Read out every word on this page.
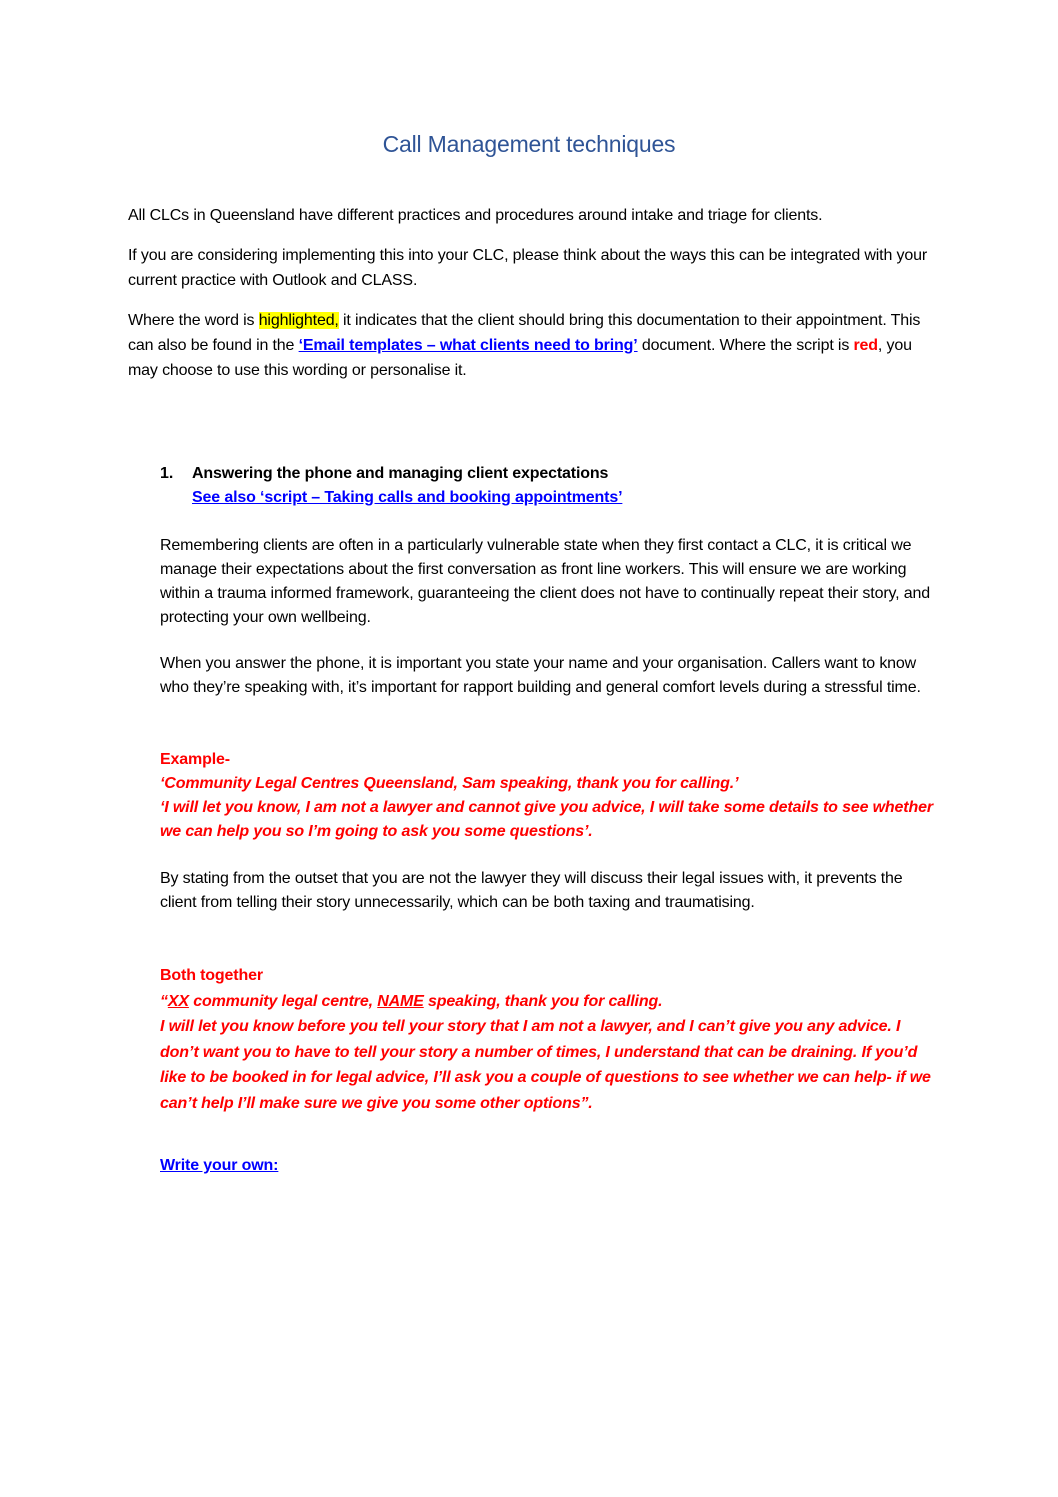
Call Management techniques

All CLCs in Queensland have different practices and procedures around intake and triage for clients.

If you are considering implementing this into your CLC, please think about the ways this can be integrated with your current practice with Outlook and CLASS.

Where the word is highlighted, it indicates that the client should bring this documentation to their appointment. This can also be found in the ‘Email templates – what clients need to bring’ document. Where the script is red, you may choose to use this wording or personalise it.

1. Answering the phone and managing client expectations
See also ‘script – Taking calls and booking appointments’

Remembering clients are often in a particularly vulnerable state when they first contact a CLC, it is critical we manage their expectations about the first conversation as front line workers. This will ensure we are working within a trauma informed framework, guaranteeing the client does not have to continually repeat their story, and protecting your own wellbeing.

When you answer the phone, it is important you state your name and your organisation. Callers want to know who they’re speaking with, it’s important for rapport building and general comfort levels during a stressful time.

Example-
‘Community Legal Centres Queensland, Sam speaking, thank you for calling.’
‘I will let you know, I am not a lawyer and cannot give you advice, I will take some details to see whether we can help you so I’m going to ask you some questions’.

By stating from the outset that you are not the lawyer they will discuss their legal issues with, it prevents the client from telling their story unnecessarily, which can be both taxing and traumatising.

Both together
“XX community legal centre, NAME speaking, thank you for calling.
I will let you know before you tell your story that I am not a lawyer, and I can’t give you any advice. I don’t want you to have to tell your story a number of times, I understand that can be draining. If you’d like to be booked in for legal advice, I’ll ask you a couple of questions to see whether we can help- if we can’t help I’ll make sure we give you some other options”.
Write your own:
